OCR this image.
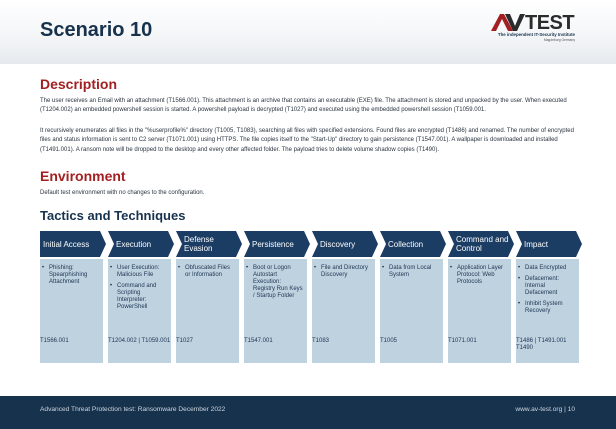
Scenario 10	TEST
The independent IT-Security Institute
Magdeburg Germany
Description
The user receives an Email with an attachment (T1566.001). This attachment is an archive that contains an executable (EXE) file. The attachment is stored and unpacked by the user. When executed (T1204.002) an embedded powershell session is started. A powershell payload is decrypted (T1027) and executed using the embedded powershell session (T1059.001.
It recursively enumerates all files in the "%userprofile%" directory (T1005, T1083), searching all files with specified extensions. Found files are encrypted (T1486) and renamed. The number of encrypted files and status information is sent to C2 server (T1071.001) using HTTPS. The file copies itself to the "Start-Up" directory to gain persistence (T1547.001). A wallpaper is downloaded and installed (T1491.001). A ransom note will be dropped to the desktop and every other affected folder. The payload tries to delete volume shadow copies (T1490).
Environment
Default test environment with no changes to the configuration.
Tactics and Techniques
Initial Access
• Phishing: Spearphishing Attachment
T1566.001
Execution
• User Execution: Malicious File
• Command and Scripting Interpreter: PowerShell
T1204.002 | T1059.001
Defense Evasion
• Obfuscated Files or Information
T1027
Persistence
• Boot or Logon Autostart Execution: Registry Run Keys / Startup Folder
T1547.001
Discovery
• File and Directory Discovery
T1083
Collection
• Data from Local System
T1005
Command and Control
• Application Layer Protocol: Web Protocols
T1071.001
Impact
• Data Encrypted
• Defacement: Internal Defacement
• Inhibit System Recovery
T1486 | T1491.001 T1490
Advanced Threat Protection test: Ransomware December 2022	www.av-test.org | 10
